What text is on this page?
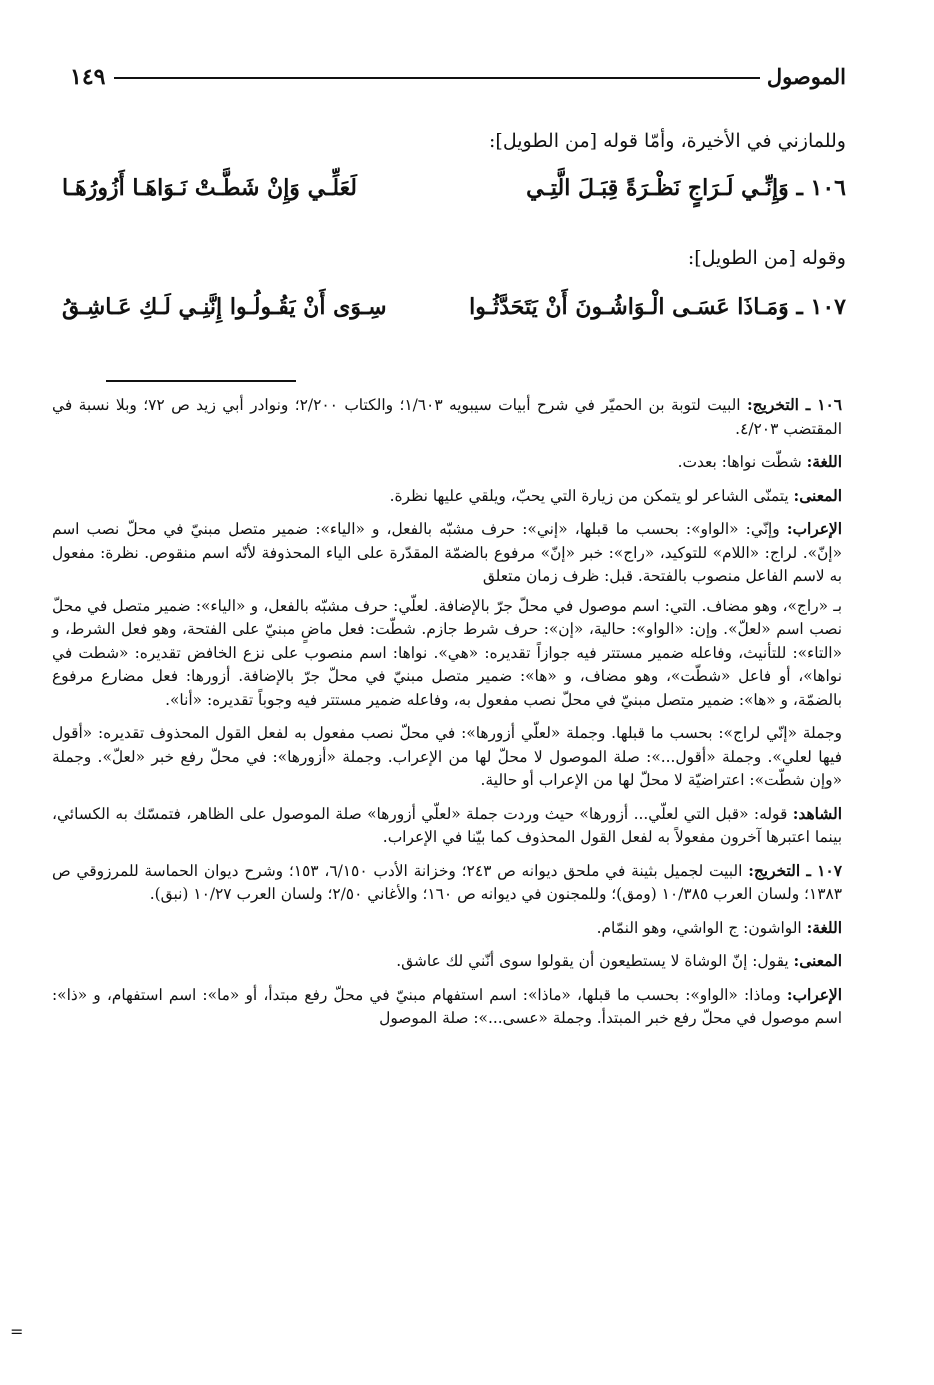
١٤٩	الموصول
وللمازني في الأخيرة، وأمّا قوله [من الطويل]:
١٠٦ ـ وَإِنِّـي لَـرَاجٍ نَظْـرَةً قِبَـلَ الَّتِـي
لَعَلِّـي وَإِنْ شَطَّـتْ نَـوَاهَـا أَزُورُهَـا
وقوله [من الطويل]:
١٠٧ ـ وَمَـاذَا عَسَـى الْـوَاشُـونَ أَنْ يَتَحَدَّثُـوا
سِـوَى أَنْ يَقُـولُـوا إِنَّنِـي لَـكِ عَـاشِـقُ

١٠٦ ـ التخريج: البيت لتوبة بن الحميّر في شرح أبيات سيبويه ١/٦٠٣؛ والكتاب ٢/٢٠٠؛ ونوادر أبي زيد ص ٧٢؛ وبلا نسبة في المقتضب ٤/٢٠٣.

اللغة: شطّت نواها: بعدت.

المعنى: يتمنّى الشاعر لو يتمكن من زيارة التي يحبّ، ويلقي عليها نظرة.

الإعراب: وإنّي: «الواو»: بحسب ما قبلها، «إني»: حرف مشبّه بالفعل، و «الياء»: ضمير متصل مبنيّ في محلّ نصب اسم «إنّ». لراج: «اللام» للتوكيد، «راج»: خبر «إنّ» مرفوع بالضمّة المقدّرة على الياء المحذوفة لأنّه اسم منقوص. نظرة: مفعول به لاسم الفاعل منصوب بالفتحة. قبل: ظرف زمان متعلق

بـ «راج»، وهو مضاف. التي: اسم موصول في محلّ جرّ بالإضافة. لعلّي: حرف مشبّه بالفعل، و «الياء»: ضمير متصل في محلّ نصب اسم «لعلّ». وإن: «الواو»: حالية، «إن»: حرف شرط جازم. شطّت: فعل ماضٍ مبنيّ على الفتحة، وهو فعل الشرط، و «التاء»: للتأنيث، وفاعله ضمير مستتر فيه جوازاً تقديره: «هي». نواها: اسم منصوب على نزع الخافض تقديره: «شطت في نواها»، أو فاعل «شطّت»، وهو مضاف، و «ها»: ضمير متصل مبنيّ في محلّ جرّ بالإضافة. أزورها: فعل مضارع مرفوع بالضمّة، و «ها»: ضمير متصل مبنيّ في محلّ نصب مفعول به، وفاعله ضمير مستتر فيه وجوباً تقديره: «أنا».

وجملة «إنّي لراج»: بحسب ما قبلها. وجملة «لعلّي أزورها»: في محلّ نصب مفعول به لفعل القول المحذوف تقديره: «أقول فيها لعلي». وجملة «أقول...»: صلة الموصول لا محلّ لها من الإعراب. وجملة «أزورها»: في محلّ رفع خبر «لعلّ». وجملة «وإن شطّت»: اعتراضيّة لا محلّ لها من الإعراب أو حالية.

الشاهد: قوله: «قبل التي لعلّي... أزورها» حيث وردت جملة «لعلّي أزورها» صلة الموصول على الظاهر، فتمسّك به الكسائي، بينما اعتبرها آخرون مفعولاً به لفعل القول المحذوف كما بيّنا في الإعراب.

١٠٧ ـ التخريج: البيت لجميل بثينة في ملحق ديوانه ص ٢٤٣؛ وخزانة الأدب ٦/١٥٠، ١٥٣؛ وشرح ديوان الحماسة للمرزوقي ص ١٣٨٣؛ ولسان العرب ١٠/٣٨٥ (ومق)؛ وللمجنون في ديوانه ص ١٦٠؛ والأغاني ٢/٥٠؛ ولسان العرب ١٠/٢٧ (نبق).

اللغة: الواشون: ج الواشي، وهو النمّام.

المعنى: يقول: إنّ الوشاة لا يستطيعون أن يقولوا سوى أنّني لك عاشق.

الإعراب: وماذا: «الواو»: بحسب ما قبلها، «ماذا»: اسم استفهام مبنيّ في محلّ رفع مبتدأ، أو «ما»: اسم استفهام، و «ذا»: اسم موصول في محلّ رفع خبر المبتدأ. وجملة «عسى...»: صلة الموصول

=
